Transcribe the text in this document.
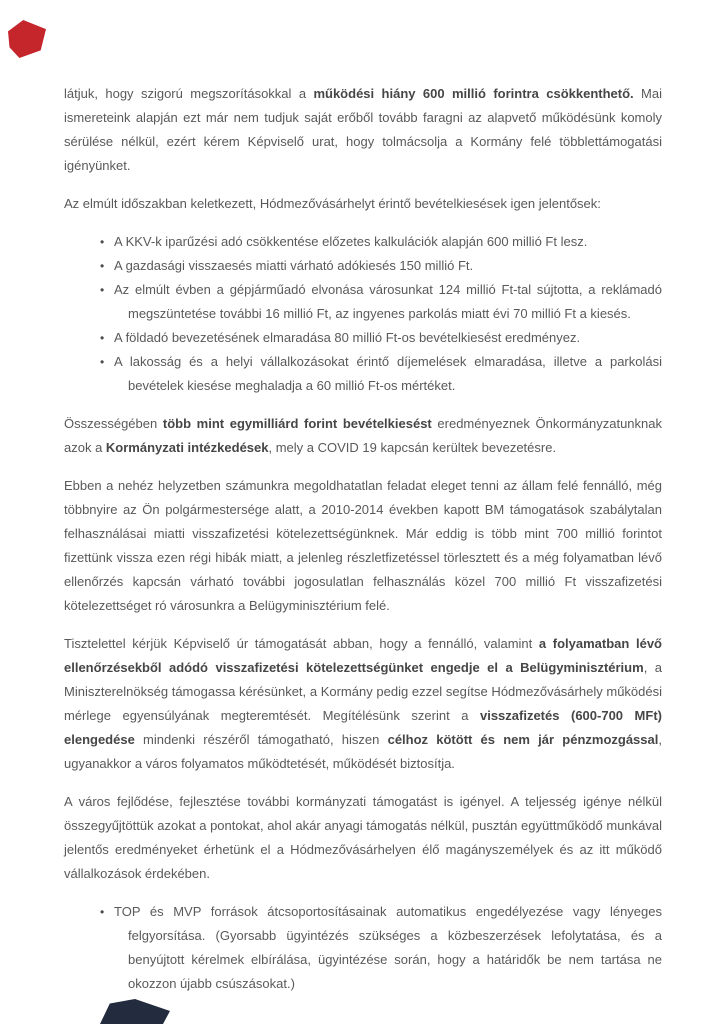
látjuk, hogy szigorú megszorításokkal a működési hiány 600 millió forintra csökkenthető. Mai ismereteink alapján ezt már nem tudjuk saját erőből tovább faragni az alapvető működésünk komoly sérülése nélkül, ezért kérem Képviselő urat, hogy tolmácsolja a Kormány felé többlettámogatási igényünket.

Az elmúlt időszakban keletkezett, Hódmezővásárhelyt érintő bevételkiesések igen jelentősek:

• A KKV-k iparűzési adó csökkentése előzetes kalkulációk alapján 600 millió Ft lesz.
• A gazdasági visszaesés miatti várható adókiesés 150 millió Ft.
• Az elmúlt évben a gépjárműadó elvonása városunkat 124 millió Ft-tal sújtotta, a reklámadó megszüntetése további 16 millió Ft, az ingyenes parkolás miatt évi 70 millió Ft a kiesés.
• A földadó bevezetésének elmaradása 80 millió Ft-os bevételkiesést eredményez.
• A lakosság és a helyi vállalkozásokat érintő díjemelések elmaradása, illetve a parkolási bevételek kiesése meghaladja a 60 millió Ft-os mértéket.

Összességében több mint egymilliárd forint bevételkiesést eredményeznek Önkormányzatunknak azok a Kormányzati intézkedések, mely a COVID 19 kapcsán kerültek bevezetésre.

Ebben a nehéz helyzetben számunkra megoldhatatlan feladat eleget tenni az állam felé fennálló, még többnyire az Ön polgármestersége alatt, a 2010-2014 években kapott BM támogatások szabálytalan felhasználásai miatti visszafizetési kötelezettségünknek. Már eddig is több mint 700 millió forintot fizettünk vissza ezen régi hibák miatt, a jelenleg részletfizetéssel törlesztett és a még folyamatban lévő ellenőrzés kapcsán várható további jogosulatlan felhasználás közel 700 millió Ft visszafizetési kötelezettséget ró városunkra a Belügyminisztérium felé.

Tisztelettel kérjük Képviselő úr támogatását abban, hogy a fennálló, valamint a folyamatban lévő ellenőrzésekből adódó visszafizetési kötelezettségünket engedje el a Belügyminisztérium, a Miniszterelnökség támogassa kérésünket, a Kormány pedig ezzel segítse Hódmezővásárhely működési mérlege egyensúlyának megteremtését. Megítélésünk szerint a visszafizetés (600-700 MFt) elengedése mindenki részéről támogatható, hiszen célhoz kötött és nem jár pénzmozgással, ugyanakkor a város folyamatos működtetését, működését biztosítja.

A város fejlődése, fejlesztése további kormányzati támogatást is igényel. A teljesség igénye nélkül összegyűjtöttük azokat a pontokat, ahol akár anyagi támogatás nélkül, pusztán együttműködő munkával jelentős eredményeket érhetünk el a Hódmezővásárhelyen élő magányszemélyek és az itt működő vállalkozások érdekében.

• TOP és MVP források átcsoportosításainak automatikus engedélyezése vagy lényeges felgyorsítása. (Gyorsabb ügyintézés szükséges a közbeszerzések lefolytatása, és a benyújtott kérelmek elbírálása, ügyintézése során, hogy a határidők be nem tartása ne okozzon újabb csúszásokat.)
